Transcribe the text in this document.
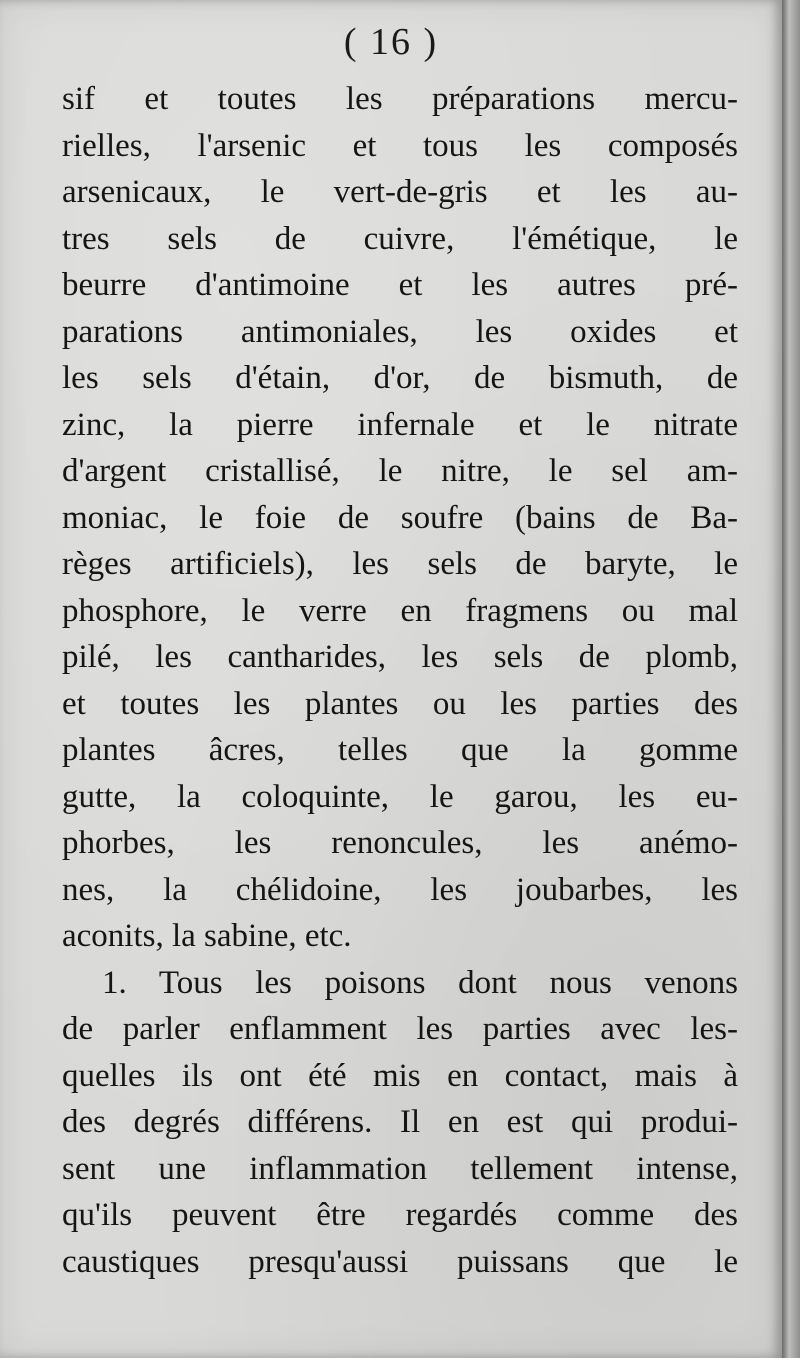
( 16 )
sif et toutes les préparations mercu-
rielles, l'arsenic et tous les composés
arsenicaux, le vert-de-gris et les au-
tres sels de cuivre, l'émétique, le
beurre d'antimoine et les autres pré-
parations antimoniales, les oxides et
les sels d'étain, d'or, de bismuth, de
zinc, la pierre infernale et le nitrate
d'argent cristallisé, le nitre, le sel am-
moniac, le foie de soufre (bains de Ba-
règes artificiels), les sels de baryte, le
phosphore, le verre en fragmens ou mal
pilé, les cantharides, les sels de plomb,
et toutes les plantes ou les parties des
plantes âcres, telles que la gomme
gutte, la coloquinte, le garou, les eu-
phorbes, les renoncules, les anémo-
nes, la chélidoine, les joubarbes, les
aconits, la sabine, etc.
1. Tous les poisons dont nous venons
de parler enflamment les parties avec les-
quelles ils ont été mis en contact, mais à
des degrés différens. Il en est qui produi-
sent une inflammation tellement intense,
qu'ils peuvent être regardés comme des
caustiques presqu'aussi puissans que le
